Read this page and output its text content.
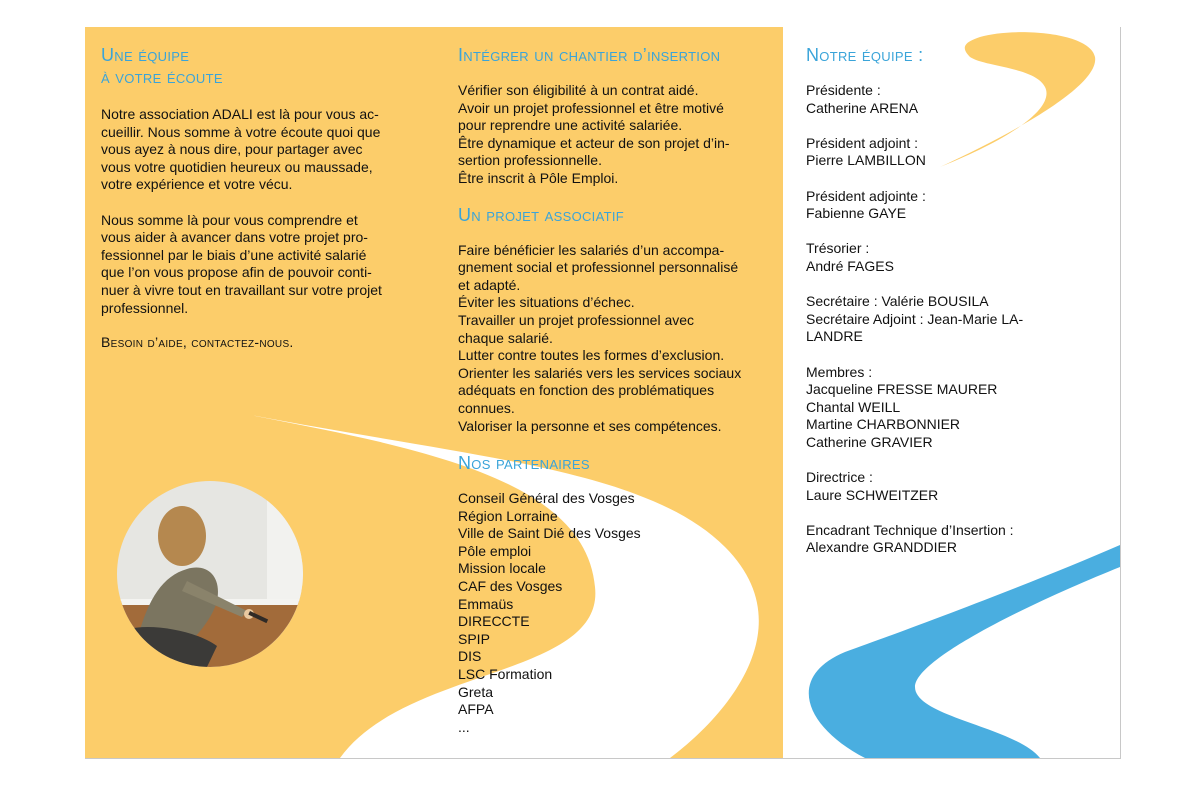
Une équipe
à votre écoute

Notre association ADALI est là pour vous ac-

cueillir. Nous somme à votre écoute quoi que

vous ayez à nous dire, pour partager avec

vous votre quotidien heureux ou maussade,

votre expérience et votre vécu.

Nous somme là pour vous comprendre et

vous aider à avancer dans votre projet pro-

fessionnel par le biais d’une activité salarié

que l’on vous propose afin de pouvoir conti-

nuer à vivre tout en travaillant sur votre projet

professionnel.

Besoin d’aide, contactez-nous.
Intégrer un chantier d’insertion

Vérifier son éligibilité à un contrat aidé.

Avoir un projet professionnel et être motivé

pour reprendre une activité salariée.

Être dynamique et acteur de son projet d’in-

sertion professionnelle.

Être inscrit à Pôle Emploi.

Un projet associatif

Faire bénéficier les salariés d’un accompa-

gnement social et professionnel personnalisé

et adapté.

Éviter les situations d’échec.

Travailler un projet professionnel avec

chaque salarié.

Lutter contre toutes les formes d’exclusion.

Orienter les salariés vers les services sociaux

adéquats en fonction des problématiques

connues.

Valoriser la personne et ses compétences.

Nos partenaires

Conseil Général des Vosges

Région Lorraine

Ville de Saint Dié des Vosges

Pôle emploi

Mission locale

CAF des Vosges

Emmaüs

DIRECCTE

SPIP

DIS

LSC Formation

Greta

AFPA

...

Notre équipe :

Présidente :

Catherine ARENA

Président adjoint :

Pierre LAMBILLON

Président adjointe :

Fabienne GAYE

Trésorier :

André FAGES

Secrétaire : Valérie BOUSILA

Secrétaire Adjoint : Jean-Marie LA-

LANDRE

Membres :

Jacqueline FRESSE MAURER

Chantal WEILL

Martine CHARBONNIER

Catherine GRAVIER

Directrice :

Laure SCHWEITZER

Encadrant Technique d’Insertion :

Alexandre GRANDDIER
